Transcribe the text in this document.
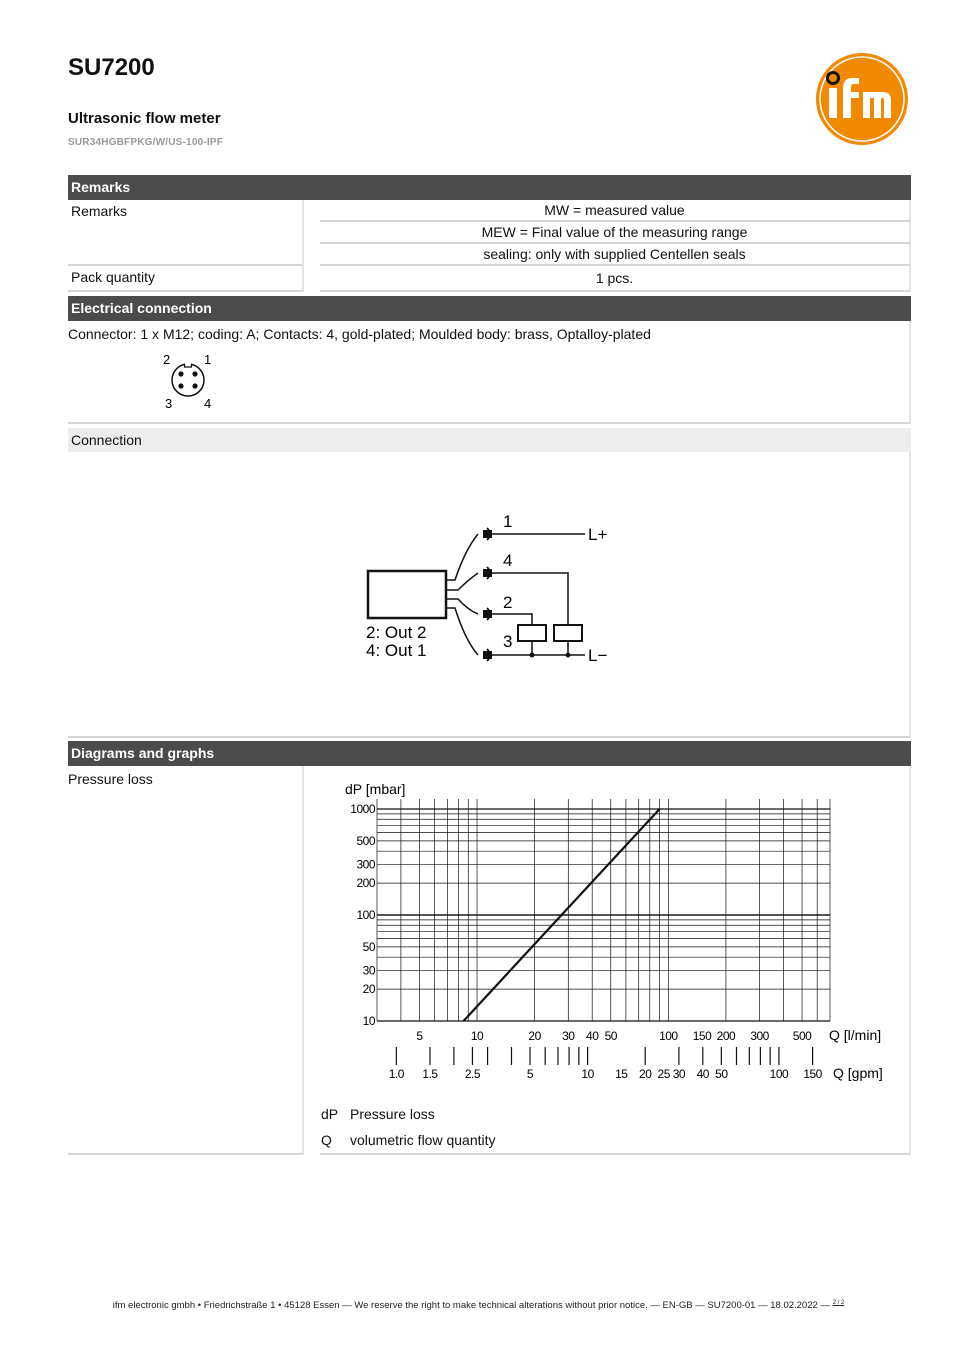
SU7200
Ultrasonic flow meter
SUR34HGBFPKG/W/US-100-IPF
Remarks
Remarks	MW = measured value
MEW = Final value of the measuring range
sealing: only with supplied Centellen seals
Pack quantity	1 pcs.
Electrical connection
Connector: 1 x M12; coding: A; Contacts: 4, gold-plated; Moulded body: brass, Optalloy-plated
2	1
3 4
Connection
1
4
2
3
L+
L−
2: Out 2
4: Out 1
Diagrams and graphs
Pressure loss
1000
500
300
200
100
50
30
20
10
5	10	20 30 40 50	100 150 200 300 500
1.0 1.5 2.5	5	10 15 20 25 30 40 50	100 150
dP [mbar]
Q [l/min]
Q [gpm]
dP Pressure loss
Q volumetric flow quantity
ifm electronic gmbh • Friedrichstraße 1 • 45128 Essen — We reserve the right to make technical alterations without prior notice. — EN-GB — SU7200-01 — 18.02.2022 — $^{2 / 2}$
